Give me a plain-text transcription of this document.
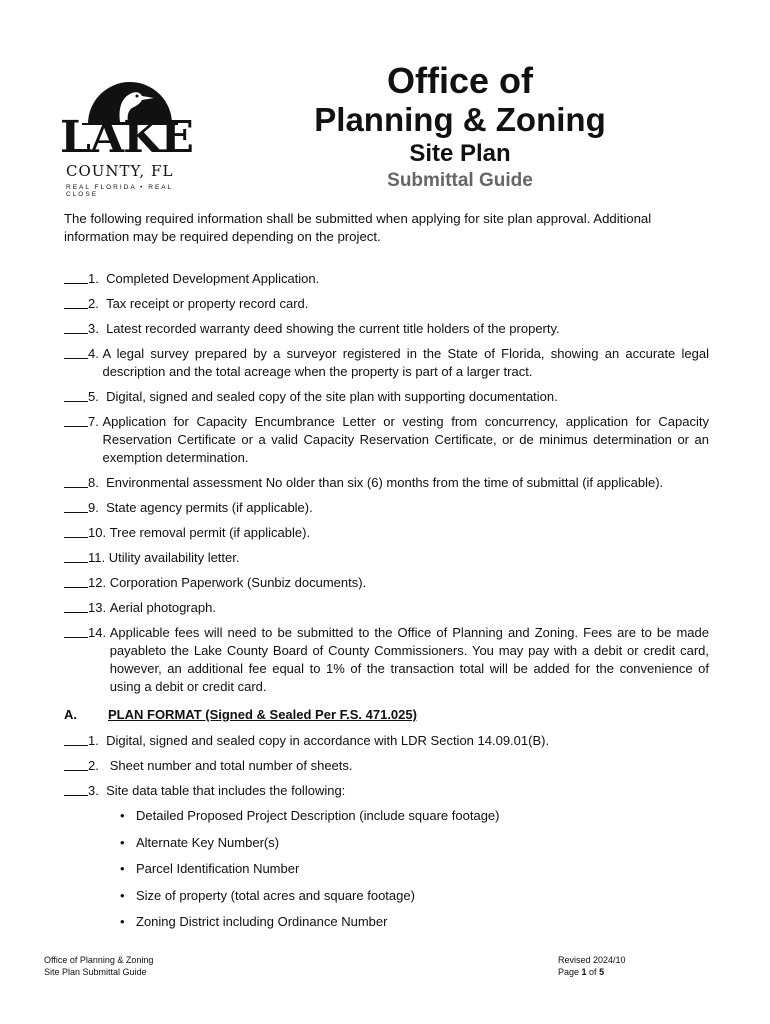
LAKE
COUNTY, FL
REAL FLORIDA • REAL CLOSE
Office of
Planning & Zoning
Site Plan
Submittal Guide
The following required information shall be submitted when applying for site plan approval. Additional information may be required depending on the project.
1. Completed Development Application.
2. Tax receipt or property record card.
3. Latest recorded warranty deed showing the current title holders of the property.
4. A legal survey prepared by a surveyor registered in the State of Florida, showing an accurate legal description and the total acreage when the property is part of a larger tract.
5. Digital, signed and sealed copy of the site plan with supporting documentation.
7. Application for Capacity Encumbrance Letter or vesting from concurrency, application for Capacity Reservation Certificate or a valid Capacity Reservation Certificate, or de minimus determination or an exemption determination.
8. Environmental assessment No older than six (6) months from the time of submittal (if applicable).
9. State agency permits (if applicable).
10. Tree removal permit (if applicable).
11. Utility availability letter.
12. Corporation Paperwork (Sunbiz documents).
13. Aerial photograph.
14. Applicable fees will need to be submitted to the Office of Planning and Zoning. Fees are to be made payableto the Lake County Board of County Commissioners. You may pay with a debit or credit card, however, an additional fee equal to 1% of the transaction total will be added for the convenience of using a debit or credit card.
A.	PLAN FORMAT (Signed & Sealed Per F.S. 471.025)
1. Digital, signed and sealed copy in accordance with LDR Section 14.09.01(B).
2. Sheet number and total number of sheets.
3. Site data table that includes the following:
• Detailed Proposed Project Description (include square footage)
• Alternate Key Number(s)
• Parcel Identification Number
• Size of property (total acres and square footage)
• Zoning District including Ordinance Number
Office of Planning & Zoning
Site Plan Submittal Guide
Revised 2024/10
Page 1 of 5
